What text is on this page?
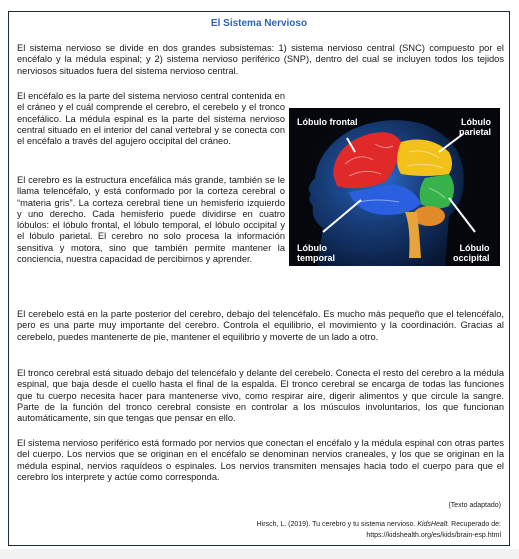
El Sistema Nervioso

El sistema nervioso se divide en dos grandes subsistemas: 1) sistema nervioso central (SNC) compuesto por el encéfalo y la médula espinal; y 2) sistema nervioso periférico (SNP), dentro del cual se incluyen todos los tejidos nerviosos situados fuera del sistema nervioso central.

El encéfalo es la parte del sistema nervioso central contenida en el cráneo y el cuál comprende el cerebro, el cerebelo y el tronco encefálico. La médula espinal es la parte del sistema nervioso central situado en el interior del canal vertebral y se conecta con el encéfalo a través del agujero occipital del cráneo.

El cerebro es la estructura encefálica más grande, también se le llama telencéfalo, y está conformado por la corteza cerebral o “materia gris”. La corteza cerebral tiene un hemisferio izquierdo y uno derecho. Cada hemisferio puede dividirse en cuatro lóbulos: el lóbulo frontal, el lóbulo temporal, el lóbulo occipital y el lóbulo parietal. El cerebro no solo procesa la información sensitiva y motora, sino que también permite mantener la conciencia, nuestra capacidad de percibirnos y aprender.

Lóbulo frontal	Lóbulo
parietal
Lóbulo
temporal
Lóbulo
occipital

El cerebelo está en la parte posterior del cerebro, debajo del telencéfalo. Es mucho más pequeño que el telencéfalo, pero es una parte muy importante del cerebro. Controla el equilibrio, el movimiento y la coordinación. Gracias al cerebelo, puedes mantenerte de pie, mantener el equilibrio y moverte de un lado a otro.

El tronco cerebral está situado debajo del telencéfalo y delante del cerebelo. Conecta el resto del cerebro a la médula espinal, que baja desde el cuello hasta el final de la espalda. El tronco cerebral se encarga de todas las funciones que tu cuerpo necesita hacer para mantenerse vivo, como respirar aire, digerir alimentos y que circule la sangre. Parte de la función del tronco cerebral consiste en controlar a los músculos involuntarios, los que funcionan automáticamente, sin que tengas que pensar en ello.

El sistema nervioso periférico está formado por nervios que conectan el encéfalo y la médula espinal con otras partes del cuerpo. Los nervios que se originan en el encéfalo se denominan nervios craneales, y los que se originan en la médula espinal, nervios raquídeos o espinales. Los nervios transmiten mensajes hacia todo el cuerpo para que el cerebro los interprete y actúe como corresponda.

(Texto adaptado)
Hirsch, L. (2019). Tu cerebro y tu sistema nervioso. KidsHealt. Recuperado de:
https://kidshealth.org/es/kids/brain-esp.html
